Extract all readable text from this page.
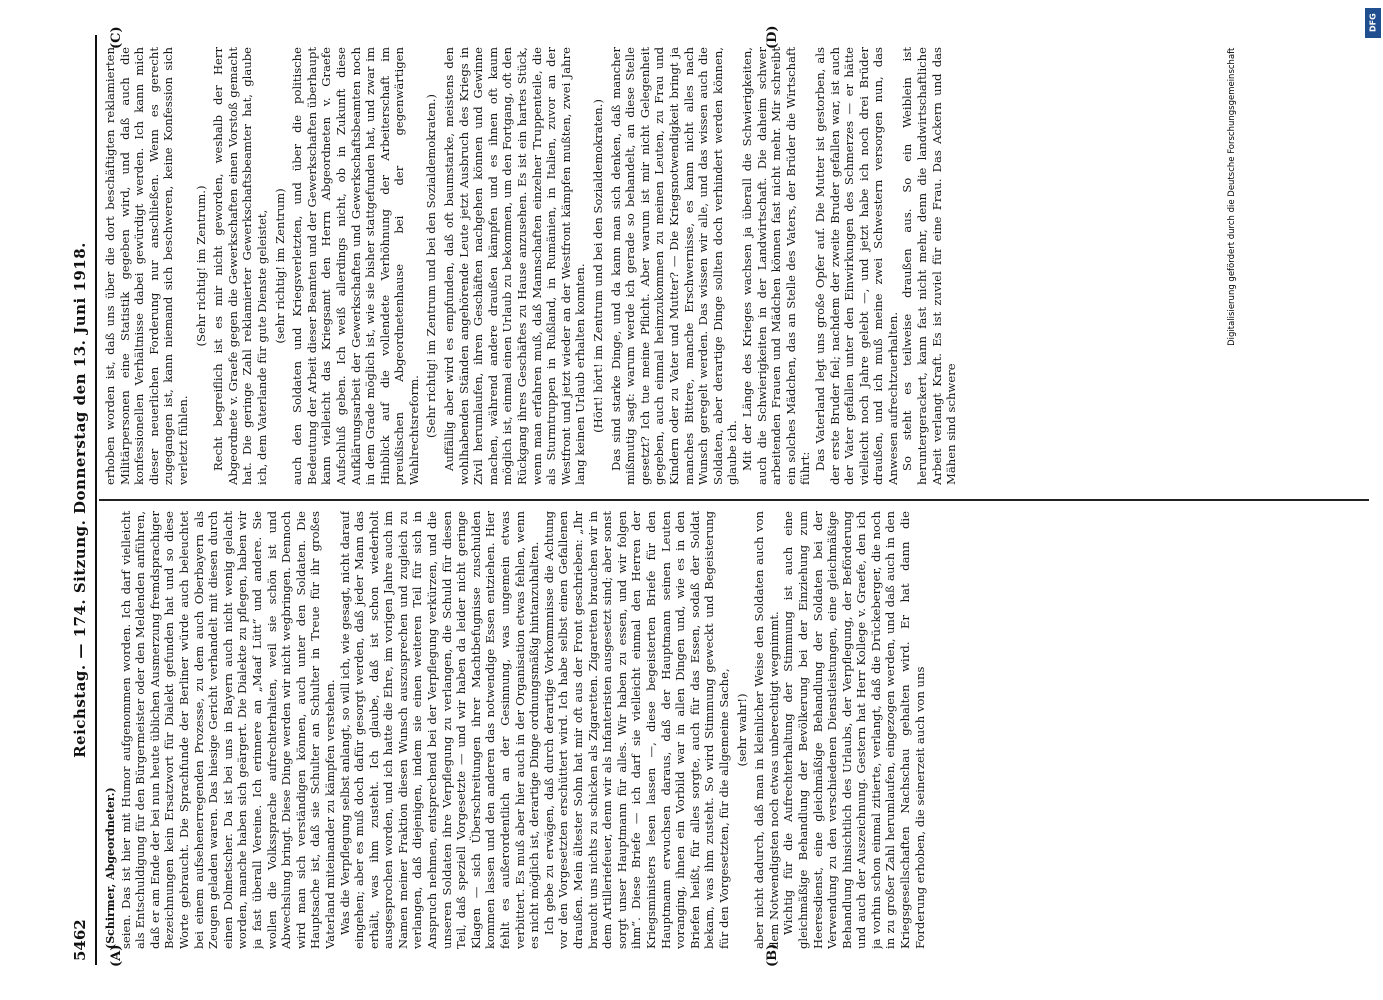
5462
Reichstag. — 174. Sitzung. Donnerstag den 13. Juni 1918.
(A)	(B)
(C)	(D)

(Schirmer, Abgeordneter.) seien. Das ist hier mit Humor aufgenommen worden. Ich darf vielleicht als Entschuldigung für den Bürgermeister oder den Meldenden anführen, daß er am Ende der bei nun heute üblichen Ausmerzung fremdsprachiger Bezeichnungen kein Ersatzwort für Dialekt gefunden hat und so diese Worte gebraucht. Die Sprachfunde der Berliner würde auch beleuchtet bei einem aufsehenerregenden Prozesse, zu dem auch Oberbayern als Zeugen geladen waren. Das hiesige Gericht verhandelt mit diesen durch einen Dolmetscher. Da ist bei uns in Bayern auch nicht wenig gelacht worden, manche haben sich geärgert. Die Dialekte zu pflegen, haben wir ja fast überall Vereine. Ich erinnere an „Maaf Lütt“ und andere. Sie wollen die Volkssprache aufrechterhalten, weil sie schön ist und Abwechslung bringt. Diese Dinge werden wir nicht wegbringen. Dennoch wird man sich verständigen können, auch unter den Soldaten. Die Hauptsache ist, daß sie Schulter an Schulter in Treue für ihr großes Vaterland miteinander zu kämpfen verstehen. Was die Verpflegung selbst anlangt, so will ich, wie gesagt, nicht darauf eingehen; aber es muß doch dafür gesorgt werden, daß jeder Mann das erhält, was ihm zusteht. Ich glaube, daß ist schon wiederholt ausgesprochen worden, und ich hatte die Ehre, im vorigen Jahre auch im Namen meiner Fraktion diesen Wunsch auszusprechen und zugleich zu verlangen, daß diejenigen, indem sie einen weiteren Teil für sich in Anspruch nehmen, entsprechend bei der Verpflegung verkürzen, und die unseren Soldaten ihre Verpflegung zu verlangen, die Schuld für diesen Teil, daß speziell Vorgesetzte — und wir haben da leider nicht geringe Klagen — sich Überschreitungen ihrer Machtbefugnisse zuschulden kommen lassen und den anderen das notwendige Essen entziehen. Hier fehlt es außerordentlich an der Gesinnung, was ungemein etwas verbittert. Es muß aber hier auch in der Organisation etwas fehlen, wenn es nicht möglich ist, derartige Dinge ordnungsmäßig hintanzuhalten. Ich gebe zu erwägen, daß durch derartige Vorkommnisse die Achtung vor den Vorgesetzten erschüttert wird. Ich habe selbst einen Gefallenen draußen. Mein ältester Sohn hat mir oft aus der Front geschrieben: „Ihr braucht uns nichts zu schicken als Zigaretten. Zigaretten brauchen wir in dem Artilleriefeuer, denn wir als Infanteristen ausgesetzt sind; aber sonst sorgt unser Hauptmann für alles. Wir haben zu essen, und wir folgen ihm“. Diese Briefe — ich darf sie vielleicht einmal den Herren der Kriegsministers lesen lassen —, diese begeisterten Briefe für den Hauptmann erwuchsen daraus, daß der Hauptmann seinen Leuten voranging, ihnen ein Vorbild war in allen Dingen und, wie es in den Briefen heißt, für alles sorgte, auch für das Essen, sodaß der Soldat bekam, was ihm zusteht. So wird Stimmung geweckt und Begeisterung für den Vorgesetzten, für die allgemeine Sache, (sehr wahr!) aber nicht dadurch, daß man in kleinlicher Weise den Soldaten auch von dem Notwendigsten noch etwas unberechtigt wegnimmt. Wichtig für die Aufrechterhaltung der Stimmung ist auch eine gleichmäßige Behandlung der Bevölkerung bei der Einziehung zum Heeresdienst, eine gleichmäßige Behandlung der Soldaten bei der Verwendung zu den verschiedenen Dienstleistungen, eine gleichmäßige Behandlung hinsichtlich des Urlaubs, der Verpflegung, der Beförderung und auch der Auszeichnung. Gestern hat Herr Kollege v. Graefe, den ich ja vorhin schon einmal zitierte, verlangt, daß die Drückeberger, die noch in zu großer Zahl herumlaufen, eingezogen werden, und daß auch in den Kriegsgesellschaften Nachschau gehalten wird. Er hat dann die Forderung erhoben, die seinerzeit auch von uns

erhoben worden ist, daß uns über die dort beschäftigten reklamierten Militärpersonen eine Statistik gegeben wird, und daß auch die konfessionellen Verhältnisse dabei gewürdigt werden. Ich kann mich dieser neuerlichen Forderung nur anschließen. Wenn es gerecht zugegangen ist, kann niemand sich beschweren, keine Konfession sich verletzt fühlen.

(Sehr richtig! im Zentrum.) Recht begreiflich ist es mir nicht geworden, weshalb der Herr Abgeordnete v. Graefe gegen die Gewerkschaften einen Vorstoß gemacht hat. Die geringe Zahl reklamierter Gewerkschaftsbeamter hat, glaube ich, dem Vaterlande für gute Dienste geleistet, (sehr richtig! im Zentrum) auch den Soldaten und Kriegsverletzten, und über die politische Bedeutung der Arbeit dieser Beamten und der Gewerkschaften überhaupt kann vielleicht das Kriegsamt den Herrn Abgeordneten v. Graefe Aufschluß geben. Ich weiß allerdings nicht, ob in Zukunft diese Aufklärungsarbeit der Gewerkschaften und Gewerkschaftsbeamten noch in dem Grade möglich ist, wie sie bisher stattgefunden hat, und zwar im Hinblick auf die vollendete Verhöhnung der Arbeiterschaft im preußischen Abgeordnetenhause bei der gegenwärtigen Wahlrechtsreform. (Sehr richtig! im Zentrum und bei den Sozialdemokraten.) Auffällig aber wird es empfunden, daß oft baumstarke, meistens den wohlhabenden Ständen angehörende Leute jetzt Ausbruch des Kriegs in Zivil herumlaufen, ihren Geschäften nachgehen können und Gewinne machen, während andere draußen kämpfen und es ihnen oft kaum möglich ist, einmal einen Urlaub zu bekommen, um den Fortgang, oft den Rückgang ihres Geschäftes zu Hause anzusehen. Es ist ein hartes Stück, wenn man erfahren muß, daß Mannschaften einzelner Truppenteile, die als Sturmtruppen in Rußland, in Rumänien, in Italien, zuvor an der Westfront und jetzt wieder an der Westfront kämpfen mußten, zwei Jahre lang keinen Urlaub erhalten konnten. (Hört! hört! im Zentrum und bei den Sozialdemokraten.) Das sind starke Dinge, und da kann man sich denken, daß mancher mißmutig sagt: warum werde ich gerade so behandelt, an diese Stelle gesetzt? Ich tue meine Pflicht. Aber warum ist mir nicht Gelegenheit gegeben, auch einmal heimzukommen zu meinen Leuten, zu Frau und Kindern oder zu Vater und Mutter? — Die Kriegsnotwendigkeit bringt ja manches Bittere, manche Erschwernisse, es kann nicht alles nach Wunsch geregelt werden. Das wissen wir alle, und das wissen auch die Soldaten, aber derartige Dinge sollten doch verhindert werden können, glaube ich. Mit der Länge des Krieges wachsen ja überall die Schwierigkeiten, auch die Schwierigkeiten in der Landwirtschaft. Die daheim schwer arbeitenden Frauen und Mädchen können fast nicht mehr. Mir schreibt ein solches Mädchen, das an Stelle des Vaters, der Brüder die Wirtschaft führt: Das Vaterland legt uns große Opfer auf. Die Mutter ist gestorben, als der erste Bruder fiel; nachdem der zweite Bruder gefallen war, ist auch der Vater gefallen unter den Einwirkungen des Schmerzes — er hätte vielleicht noch Jahre gelebt —, und jetzt habe ich noch drei Brüder draußen, und ich muß meine zwei Schwestern versorgen nun, das Anwesen aufrechtzuerhalten. So steht es teilweise draußen aus. So ein Weiblein ist heruntergerackert, kann fast nicht mehr, denn die landwirtschaftliche Arbeit verlangt Kraft. Es ist zuviel für eine Frau. Das Ackern und das Mähen sind schwere

DFG
Digitalisierung gefördert durch die Deutsche Forschungsgemeinschaft
